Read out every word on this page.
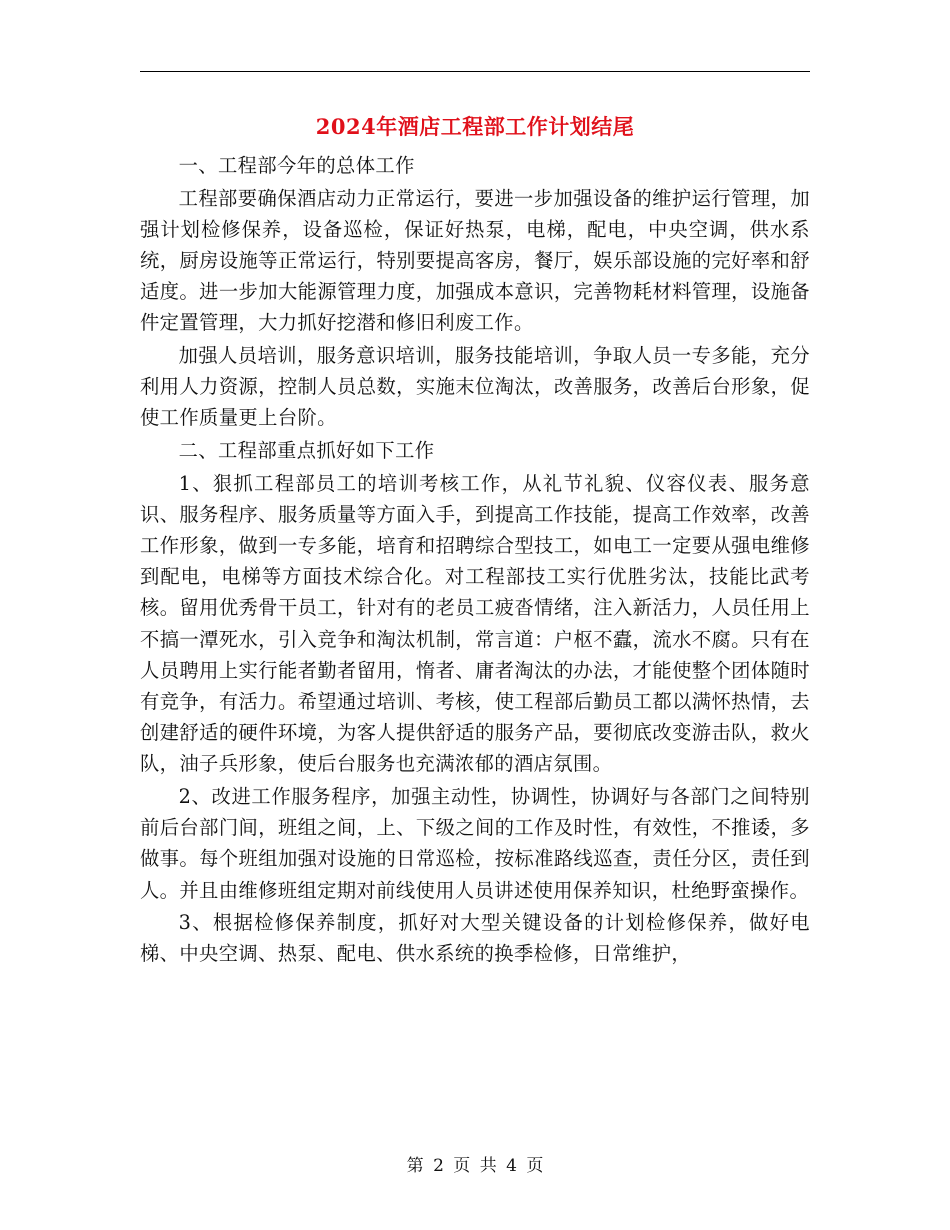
2024年酒店工程部工作计划结尾

一、工程部今年的总体工作

工程部要确保酒店动力正常运行，要进一步加强设备的维护运行管理，加强计划检修保养，设备巡检，保证好热泵，电梯，配电，中央空调，供水系统，厨房设施等正常运行，特别要提高客房，餐厅，娱乐部设施的完好率和舒适度。进一步加大能源管理力度，加强成本意识，完善物耗材料管理，设施备件定置管理，大力抓好挖潜和修旧利废工作。

加强人员培训，服务意识培训，服务技能培训，争取人员一专多能，充分利用人力资源，控制人员总数，实施末位淘汰，改善服务，改善后台形象，促使工作质量更上台阶。

二、工程部重点抓好如下工作

1、狠抓工程部员工的培训考核工作，从礼节礼貌、仪容仪表、服务意识、服务程序、服务质量等方面入手，到提高工作技能，提高工作效率，改善工作形象，做到一专多能，培育和招聘综合型技工，如电工一定要从强电维修到配电，电梯等方面技术综合化。对工程部技工实行优胜劣汰，技能比武考核。留用优秀骨干员工，针对有的老员工疲沓情绪，注入新活力，人员任用上不搞一潭死水，引入竞争和淘汰机制，常言道：户枢不蠹，流水不腐。只有在人员聘用上实行能者勤者留用，惰者、庸者淘汰的办法，才能使整个团体随时有竞争，有活力。希望通过培训、考核，使工程部后勤员工都以满怀热情，去创建舒适的硬件环境，为客人提供舒适的服务产品，要彻底改变游击队，救火队，油子兵形象，使后台服务也充满浓郁的酒店氛围。

2、改进工作服务程序，加强主动性，协调性，协调好与各部门之间特别前后台部门间，班组之间，上、下级之间的工作及时性，有效性，不推诿，多做事。每个班组加强对设施的日常巡检，按标准路线巡查，责任分区，责任到人。并且由维修班组定期对前线使用人员讲述使用保养知识，杜绝野蛮操作。

3、根据检修保养制度，抓好对大型关键设备的计划检修保养，做好电梯、中央空调、热泵、配电、供水系统的换季检修，日常维护，

第 2 页 共 4 页
